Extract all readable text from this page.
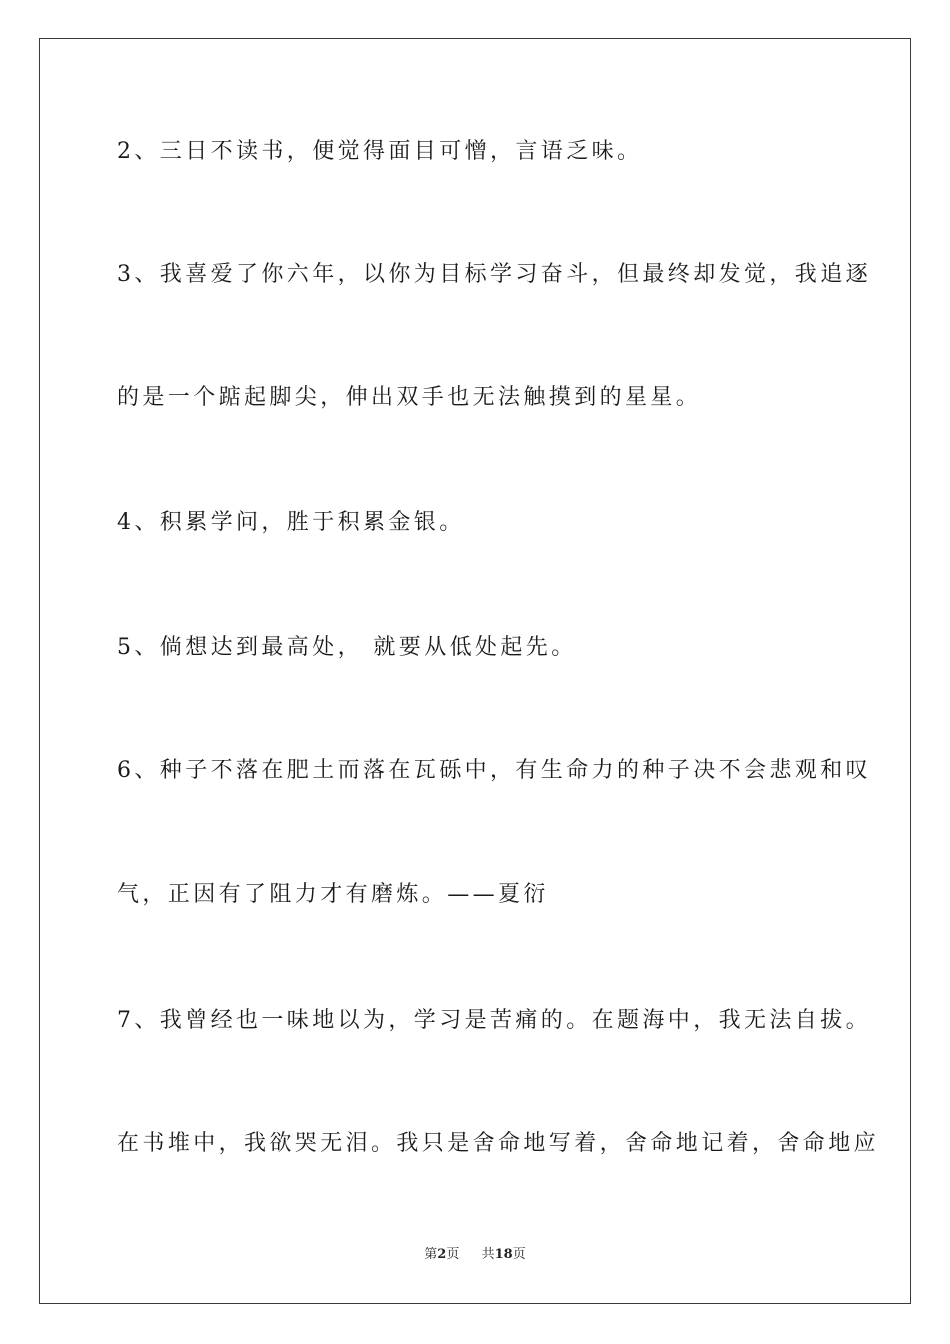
2、三日不读书，便觉得面目可憎，言语乏味。
3、我喜爱了你六年，以你为目标学习奋斗，但最终却发觉，我追逐
的是一个踮起脚尖，伸出双手也无法触摸到的星星。
4、积累学问，胜于积累金银。
5、倘想达到最高处， 就要从低处起先。
6、种子不落在肥土而落在瓦砾中，有生命力的种子决不会悲观和叹
气，正因有了阻力才有磨炼。——夏衍
7、我曾经也一味地以为，学习是苦痛的。在题海中，我无法自拔。
在书堆中，我欲哭无泪。我只是舍命地写着，舍命地记着，舍命地应
第2页 共18页
